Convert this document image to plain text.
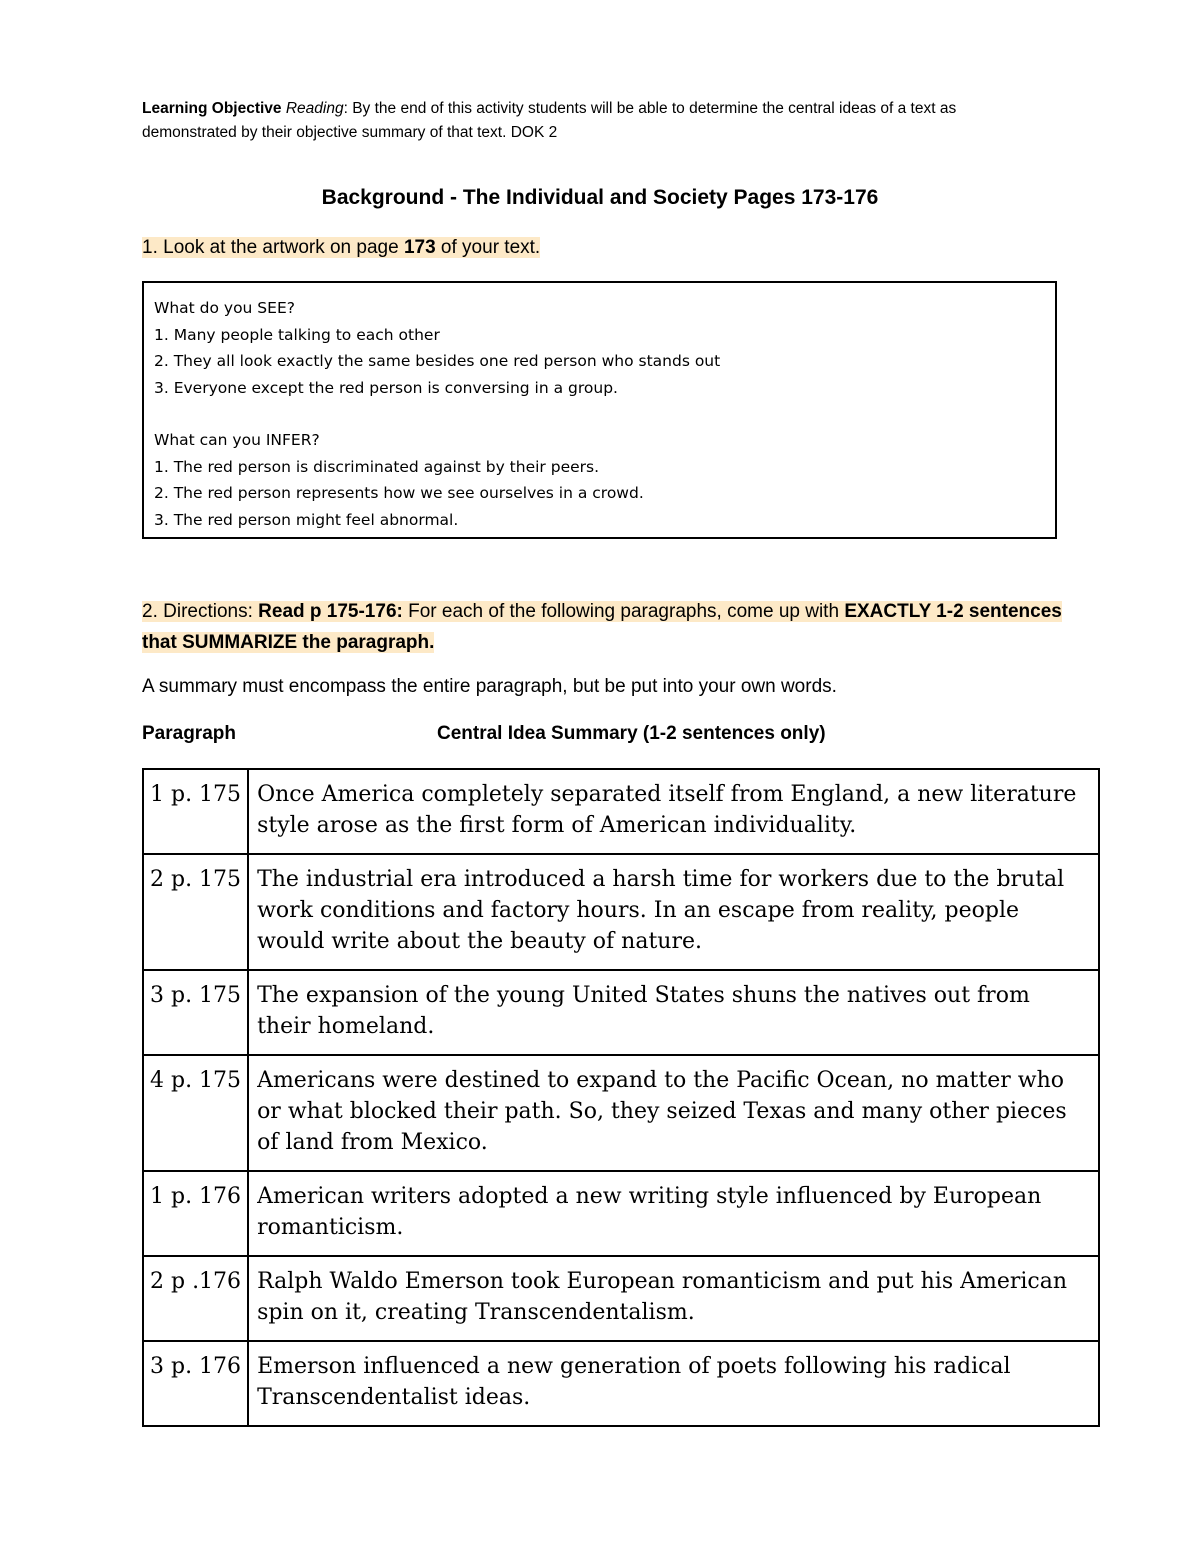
Learning Objective Reading: By the end of this activity students will be able to determine the central ideas of a text as demonstrated by their objective summary of that text. DOK 2
Background - The Individual and Society Pages 173-176
1. Look at the artwork on page 173 of your text.
What do you SEE?
1. Many people talking to each other
2. They all look exactly the same besides one red person who stands out
3. Everyone except the red person is conversing in a group.
What can you INFER?
1. The red person is discriminated against by their peers.
2. The red person represents how we see ourselves in a crowd.
3. The red person might feel abnormal.
2. Directions: Read p 175-176: For each of the following paragraphs, come up with EXACTLY 1-2 sentences that SUMMARIZE the paragraph.
A summary must encompass the entire paragraph, but be put into your own words.
Paragraph	Central Idea Summary (1-2 sentences only)
1 p. 175	Once America completely separated itself from England, a new literature style arose as the first form of American individuality.
2 p. 175	The industrial era introduced a harsh time for workers due to the brutal work conditions and factory hours. In an escape from reality, people would write about the beauty of nature.
3 p. 175	The expansion of the young United States shuns the natives out from their homeland.
4 p. 175	Americans were destined to expand to the Pacific Ocean, no matter who or what blocked their path. So, they seized Texas and many other pieces of land from Mexico.
1 p. 176	American writers adopted a new writing style influenced by European romanticism.
2 p .176	Ralph Waldo Emerson took European romanticism and put his American spin on it, creating Transcendentalism.
3 p. 176	Emerson influenced a new generation of poets following his radical Transcendentalist ideas.
